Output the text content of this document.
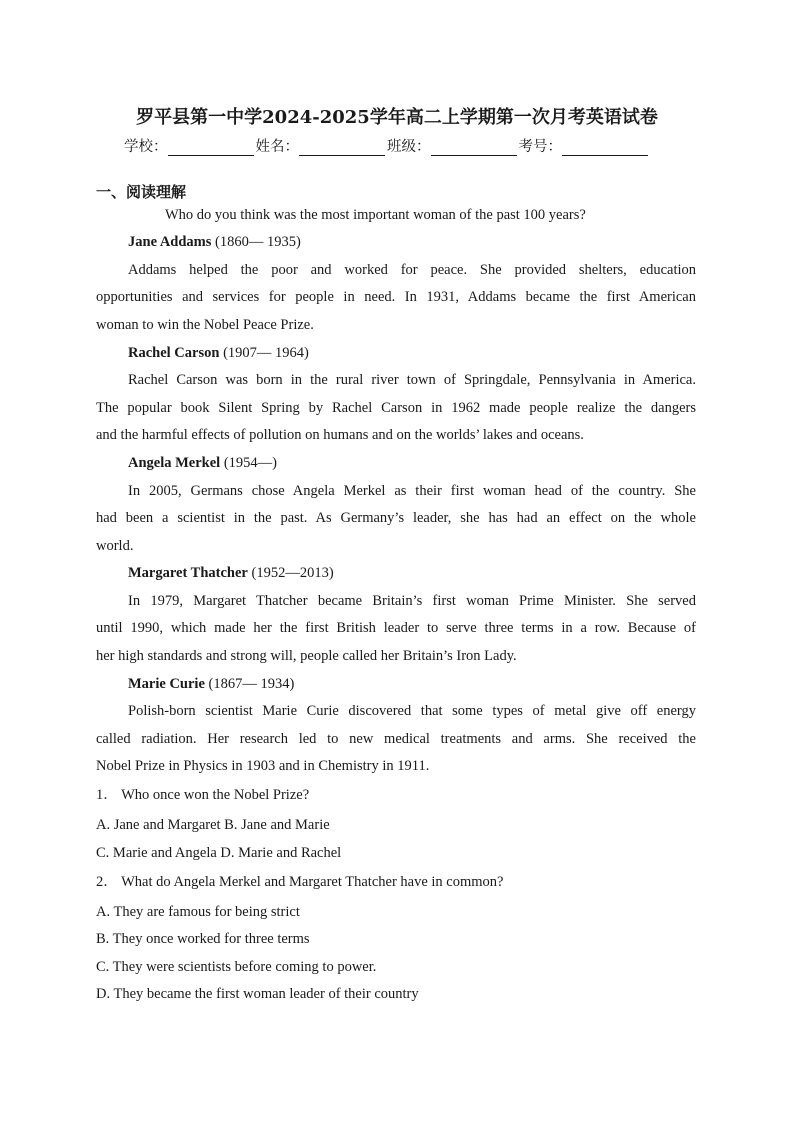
罗平县第一中学2024-2025学年高二上学期第一次月考英语试卷
学校：	姓名：	班级：	考号：
一、阅读理解
Who do you think was the most important woman of the past 100 years?
Jane Addams (1860— 1935)
Addams helped the poor and worked for peace. She provided shelters, education
opportunities and services for people in need. In 1931, Addams became the first American
woman to win the Nobel Peace Prize.
Rachel Carson (1907— 1964)
Rachel Carson was born in the rural river town of Springdale, Pennsylvania in America.
The popular book Silent Spring by Rachel Carson in 1962 made people realize the dangers
and the harmful effects of pollution on humans and on the worlds’ lakes and oceans.
Angela Merkel (1954—)
In 2005, Germans chose Angela Merkel as their first woman head of the country. She
had been a scientist in the past. As Germany’s leader, she has had an effect on the whole
world.
Margaret Thatcher (1952—2013)
In 1979, Margaret Thatcher became Britain’s first woman Prime Minister. She served
until 1990, which made her the first British leader to serve three terms in a row. Because of
her high standards and strong will, people called her Britain’s Iron Lady.
Marie Curie (1867— 1934)
Polish-born scientist Marie Curie discovered that some types of metal give off energy
called radiation. Her research led to new medical treatments and arms. She received the
Nobel Prize in Physics in 1903 and in Chemistry in 1911.
1． Who once won the Nobel Prize?
A. Jane and Margaret B. Jane and Marie
C. Marie and Angela D. Marie and Rachel
2． What do Angela Merkel and Margaret Thatcher have in common?
A. They are famous for being strict
B. They once worked for three terms
C. They were scientists before coming to power.
D. They became the first woman leader of their country
